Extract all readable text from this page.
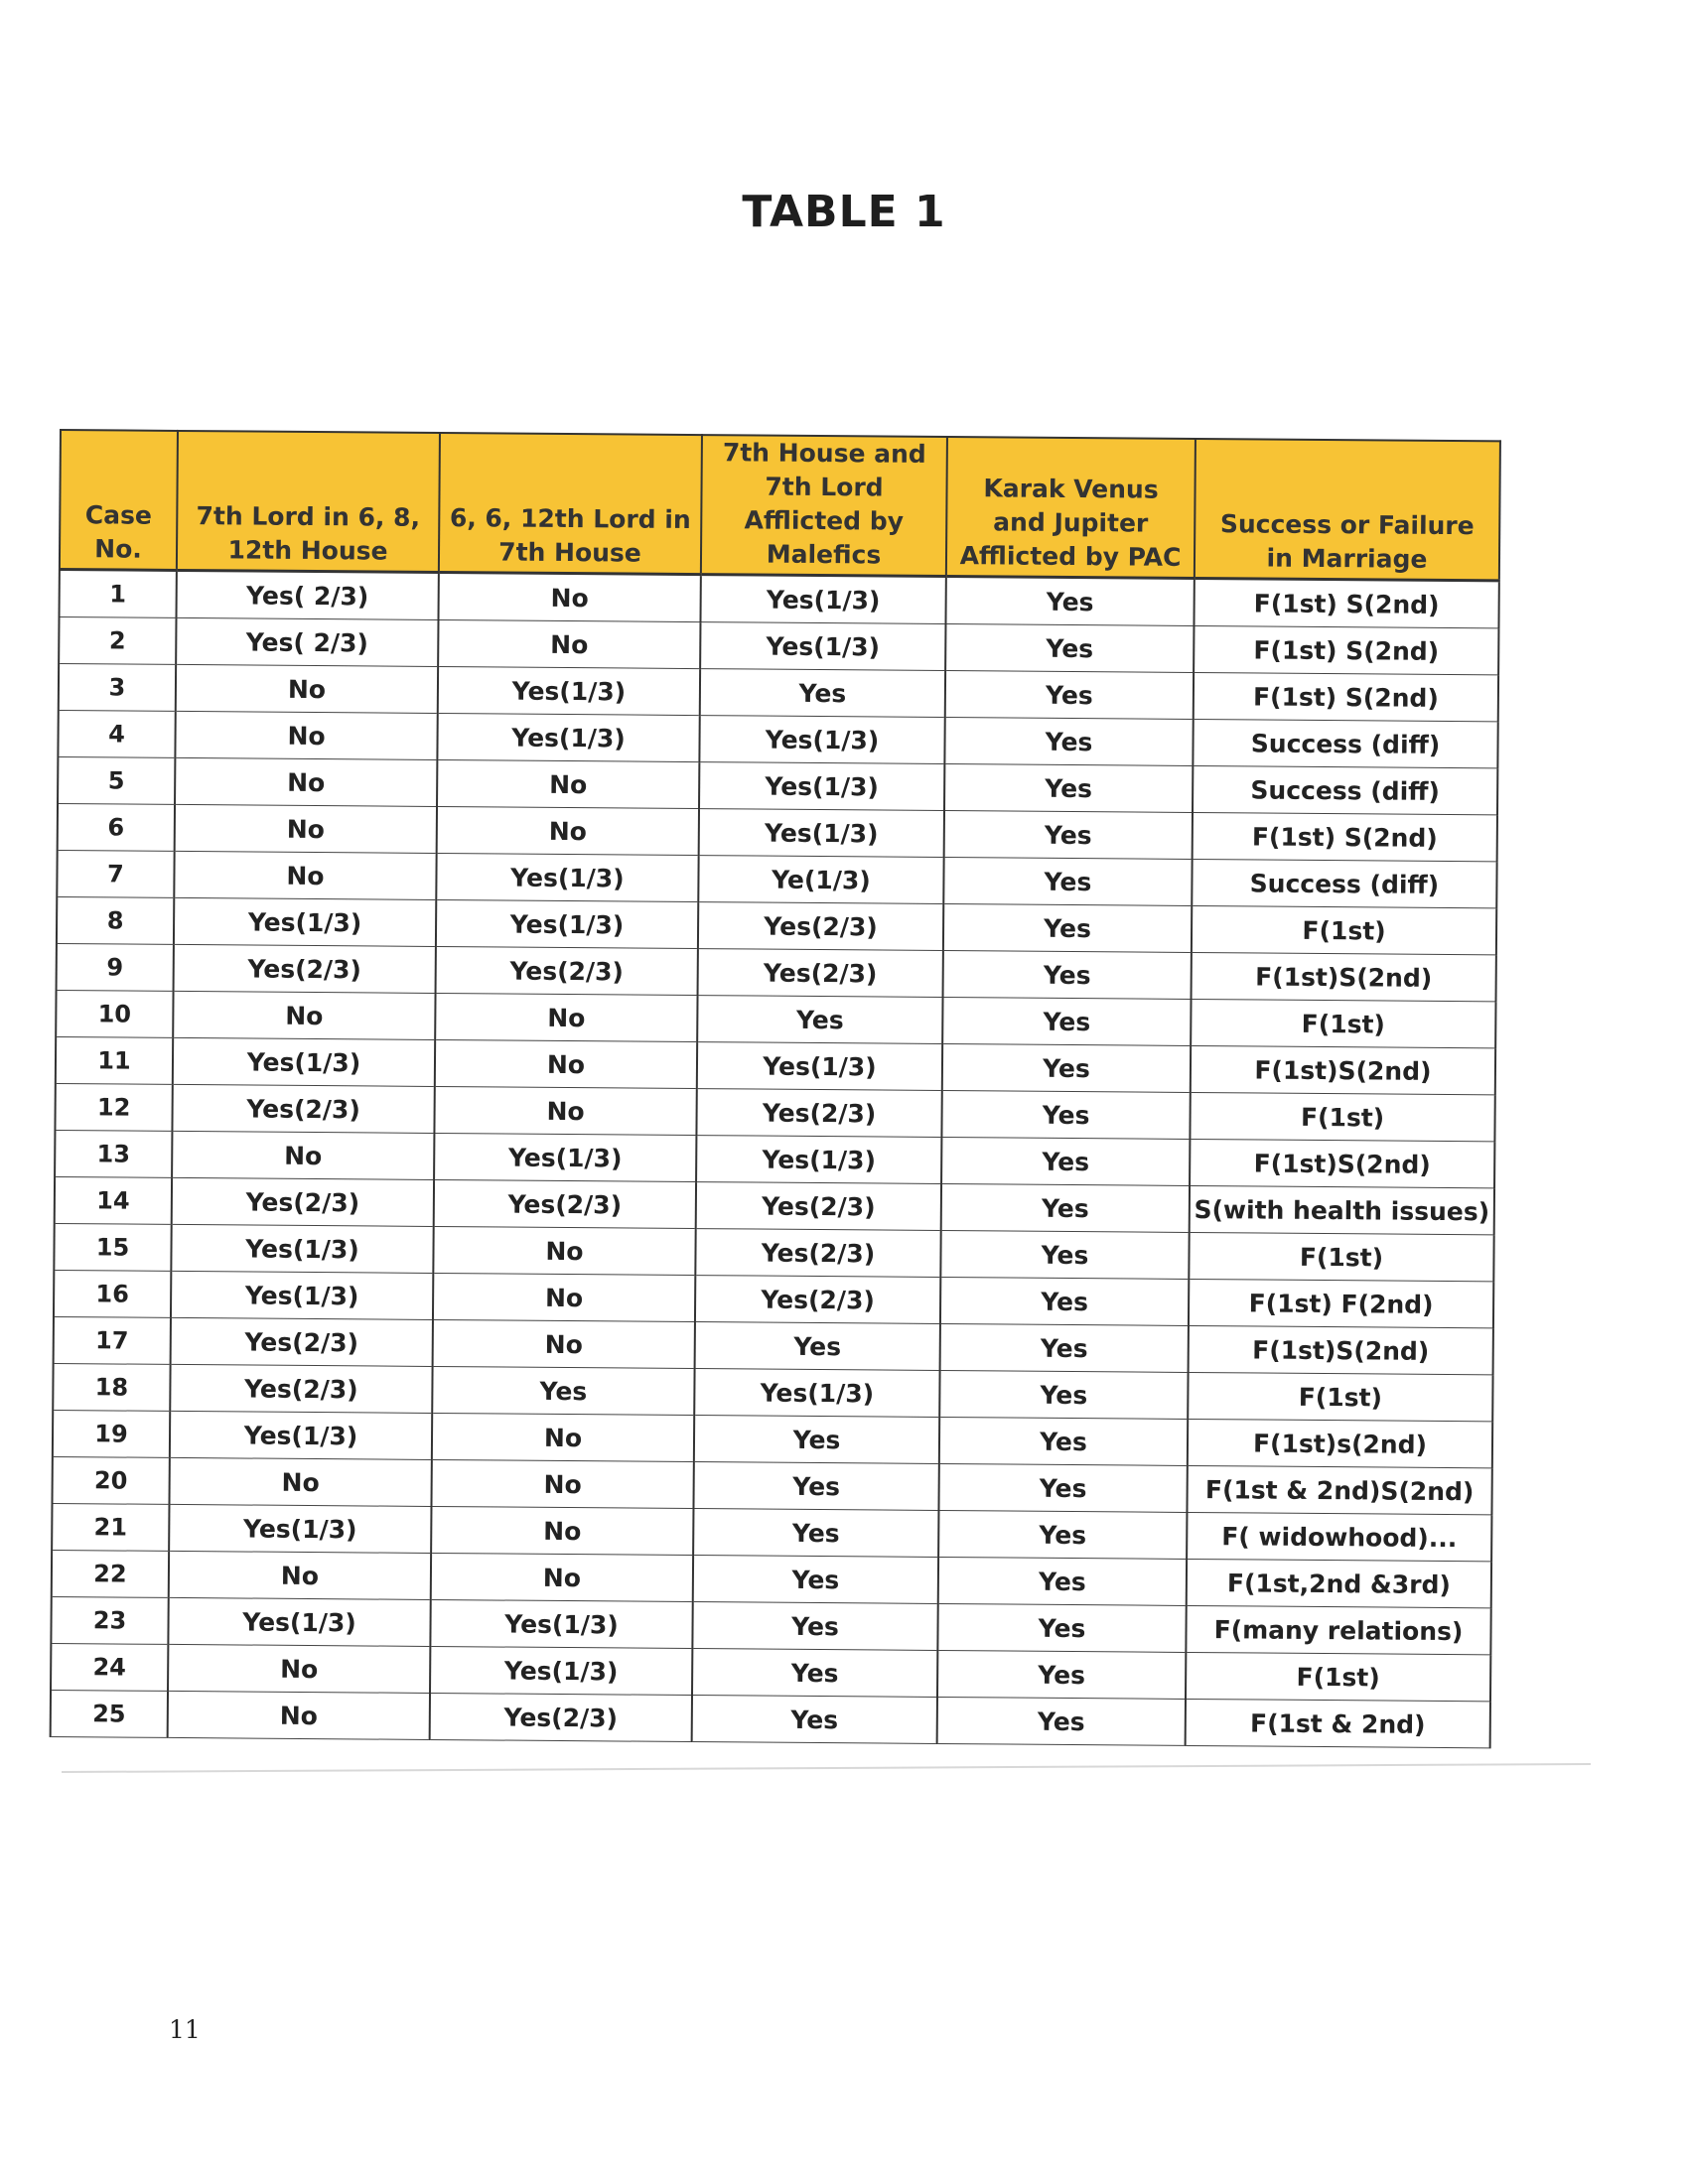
TABLE 1
Case No.	7th Lord in 6, 8, 12th House	6, 6, 12th Lord in 7th House	7th House and 7th Lord Afflicted by Malefics	Karak Venus and Jupiter Afflicted by PAC	Success or Failure in Marriage
1	Yes( 2/3)	No	Yes(1/3)	Yes	F(1st) S(2nd)
2	Yes( 2/3)	No	Yes(1/3)	Yes	F(1st) S(2nd)
3	No	Yes(1/3)	Yes	Yes	F(1st) S(2nd)
4	No	Yes(1/3)	Yes(1/3)	Yes	Success (diff)
5	No	No	Yes(1/3)	Yes	Success (diff)
6	No	No	Yes(1/3)	Yes	F(1st) S(2nd)
7	No	Yes(1/3)	Ye(1/3)	Yes	Success (diff)
8	Yes(1/3)	Yes(1/3)	Yes(2/3)	Yes	F(1st)
9	Yes(2/3)	Yes(2/3)	Yes(2/3)	Yes	F(1st)S(2nd)
10	No	No	Yes	Yes	F(1st)
11	Yes(1/3)	No	Yes(1/3)	Yes	F(1st)S(2nd)
12	Yes(2/3)	No	Yes(2/3)	Yes	F(1st)
13	No	Yes(1/3)	Yes(1/3)	Yes	F(1st)S(2nd)
14	Yes(2/3)	Yes(2/3)	Yes(2/3)	Yes	S(with health issues)
15	Yes(1/3)	No	Yes(2/3)	Yes	F(1st)
16	Yes(1/3)	No	Yes(2/3)	Yes	F(1st) F(2nd)
17	Yes(2/3)	No	Yes	Yes	F(1st)S(2nd)
18	Yes(2/3)	Yes	Yes(1/3)	Yes	F(1st)
19	Yes(1/3)	No	Yes	Yes	F(1st)s(2nd)
20	No	No	Yes	Yes	F(1st & 2nd)S(2nd)
21	Yes(1/3)	No	Yes	Yes	F( widowhood)...
22	No	No	Yes	Yes	F(1st,2nd &3rd)
23	Yes(1/3)	Yes(1/3)	Yes	Yes	F(many relations)
24	No	Yes(1/3)	Yes	Yes	F(1st)
25	No	Yes(2/3)	Yes	Yes	F(1st & 2nd)
11
